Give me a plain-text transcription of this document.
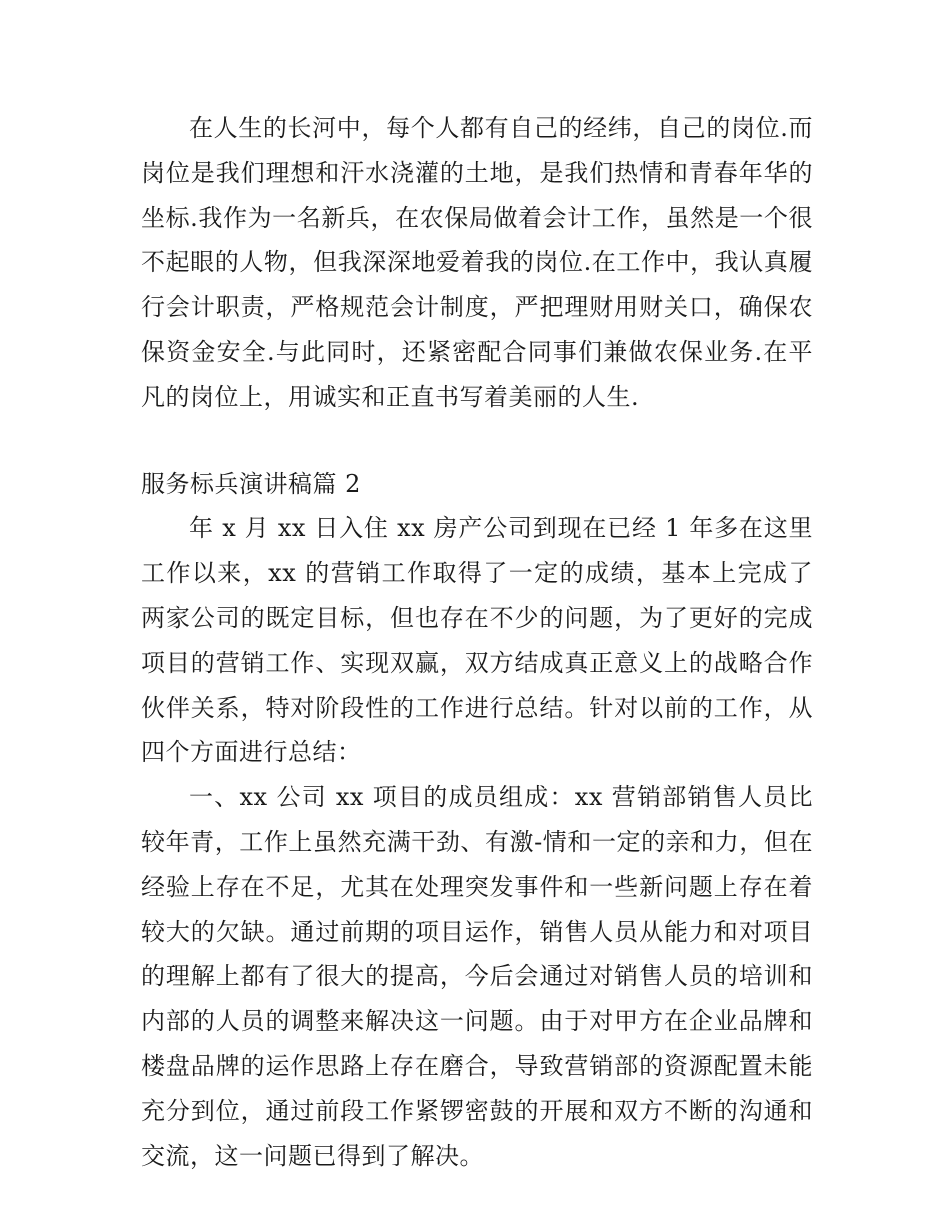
在人生的长河中，每个人都有自己的经纬，自己的岗位.而岗位是我们理想和汗水浇灌的土地，是我们热情和青春年华的坐标.我作为一名新兵，在农保局做着会计工作，虽然是一个很不起眼的人物，但我深深地爱着我的岗位.在工作中，我认真履行会计职责，严格规范会计制度，严把理财用财关口，确保农保资金安全.与此同时，还紧密配合同事们兼做农保业务.在平凡的岗位上，用诚实和正直书写着美丽的人生.

服务标兵演讲稿篇 2

年 x 月 xx 日入住 xx 房产公司到现在已经 1 年多在这里工作以来，xx 的营销工作取得了一定的成绩，基本上完成了两家公司的既定目标，但也存在不少的问题，为了更好的完成项目的营销工作、实现双赢，双方结成真正意义上的战略合作伙伴关系，特对阶段性的工作进行总结。针对以前的工作，从四个方面进行总结：

一、xx 公司 xx 项目的成员组成：xx 营销部销售人员比较年青，工作上虽然充满干劲、有激-情和一定的亲和力，但在经验上存在不足，尤其在处理突发事件和一些新问题上存在着较大的欠缺。通过前期的项目运作，销售人员从能力和对项目的理解上都有了很大的提高，今后会通过对销售人员的培训和内部的人员的调整来解决这一问题。由于对甲方在企业品牌和楼盘品牌的运作思路上存在磨合，导致营销部的资源配置未能充分到位，通过前段工作紧锣密鼓的开展和双方不断的沟通和交流，这一问题已得到了解决。
